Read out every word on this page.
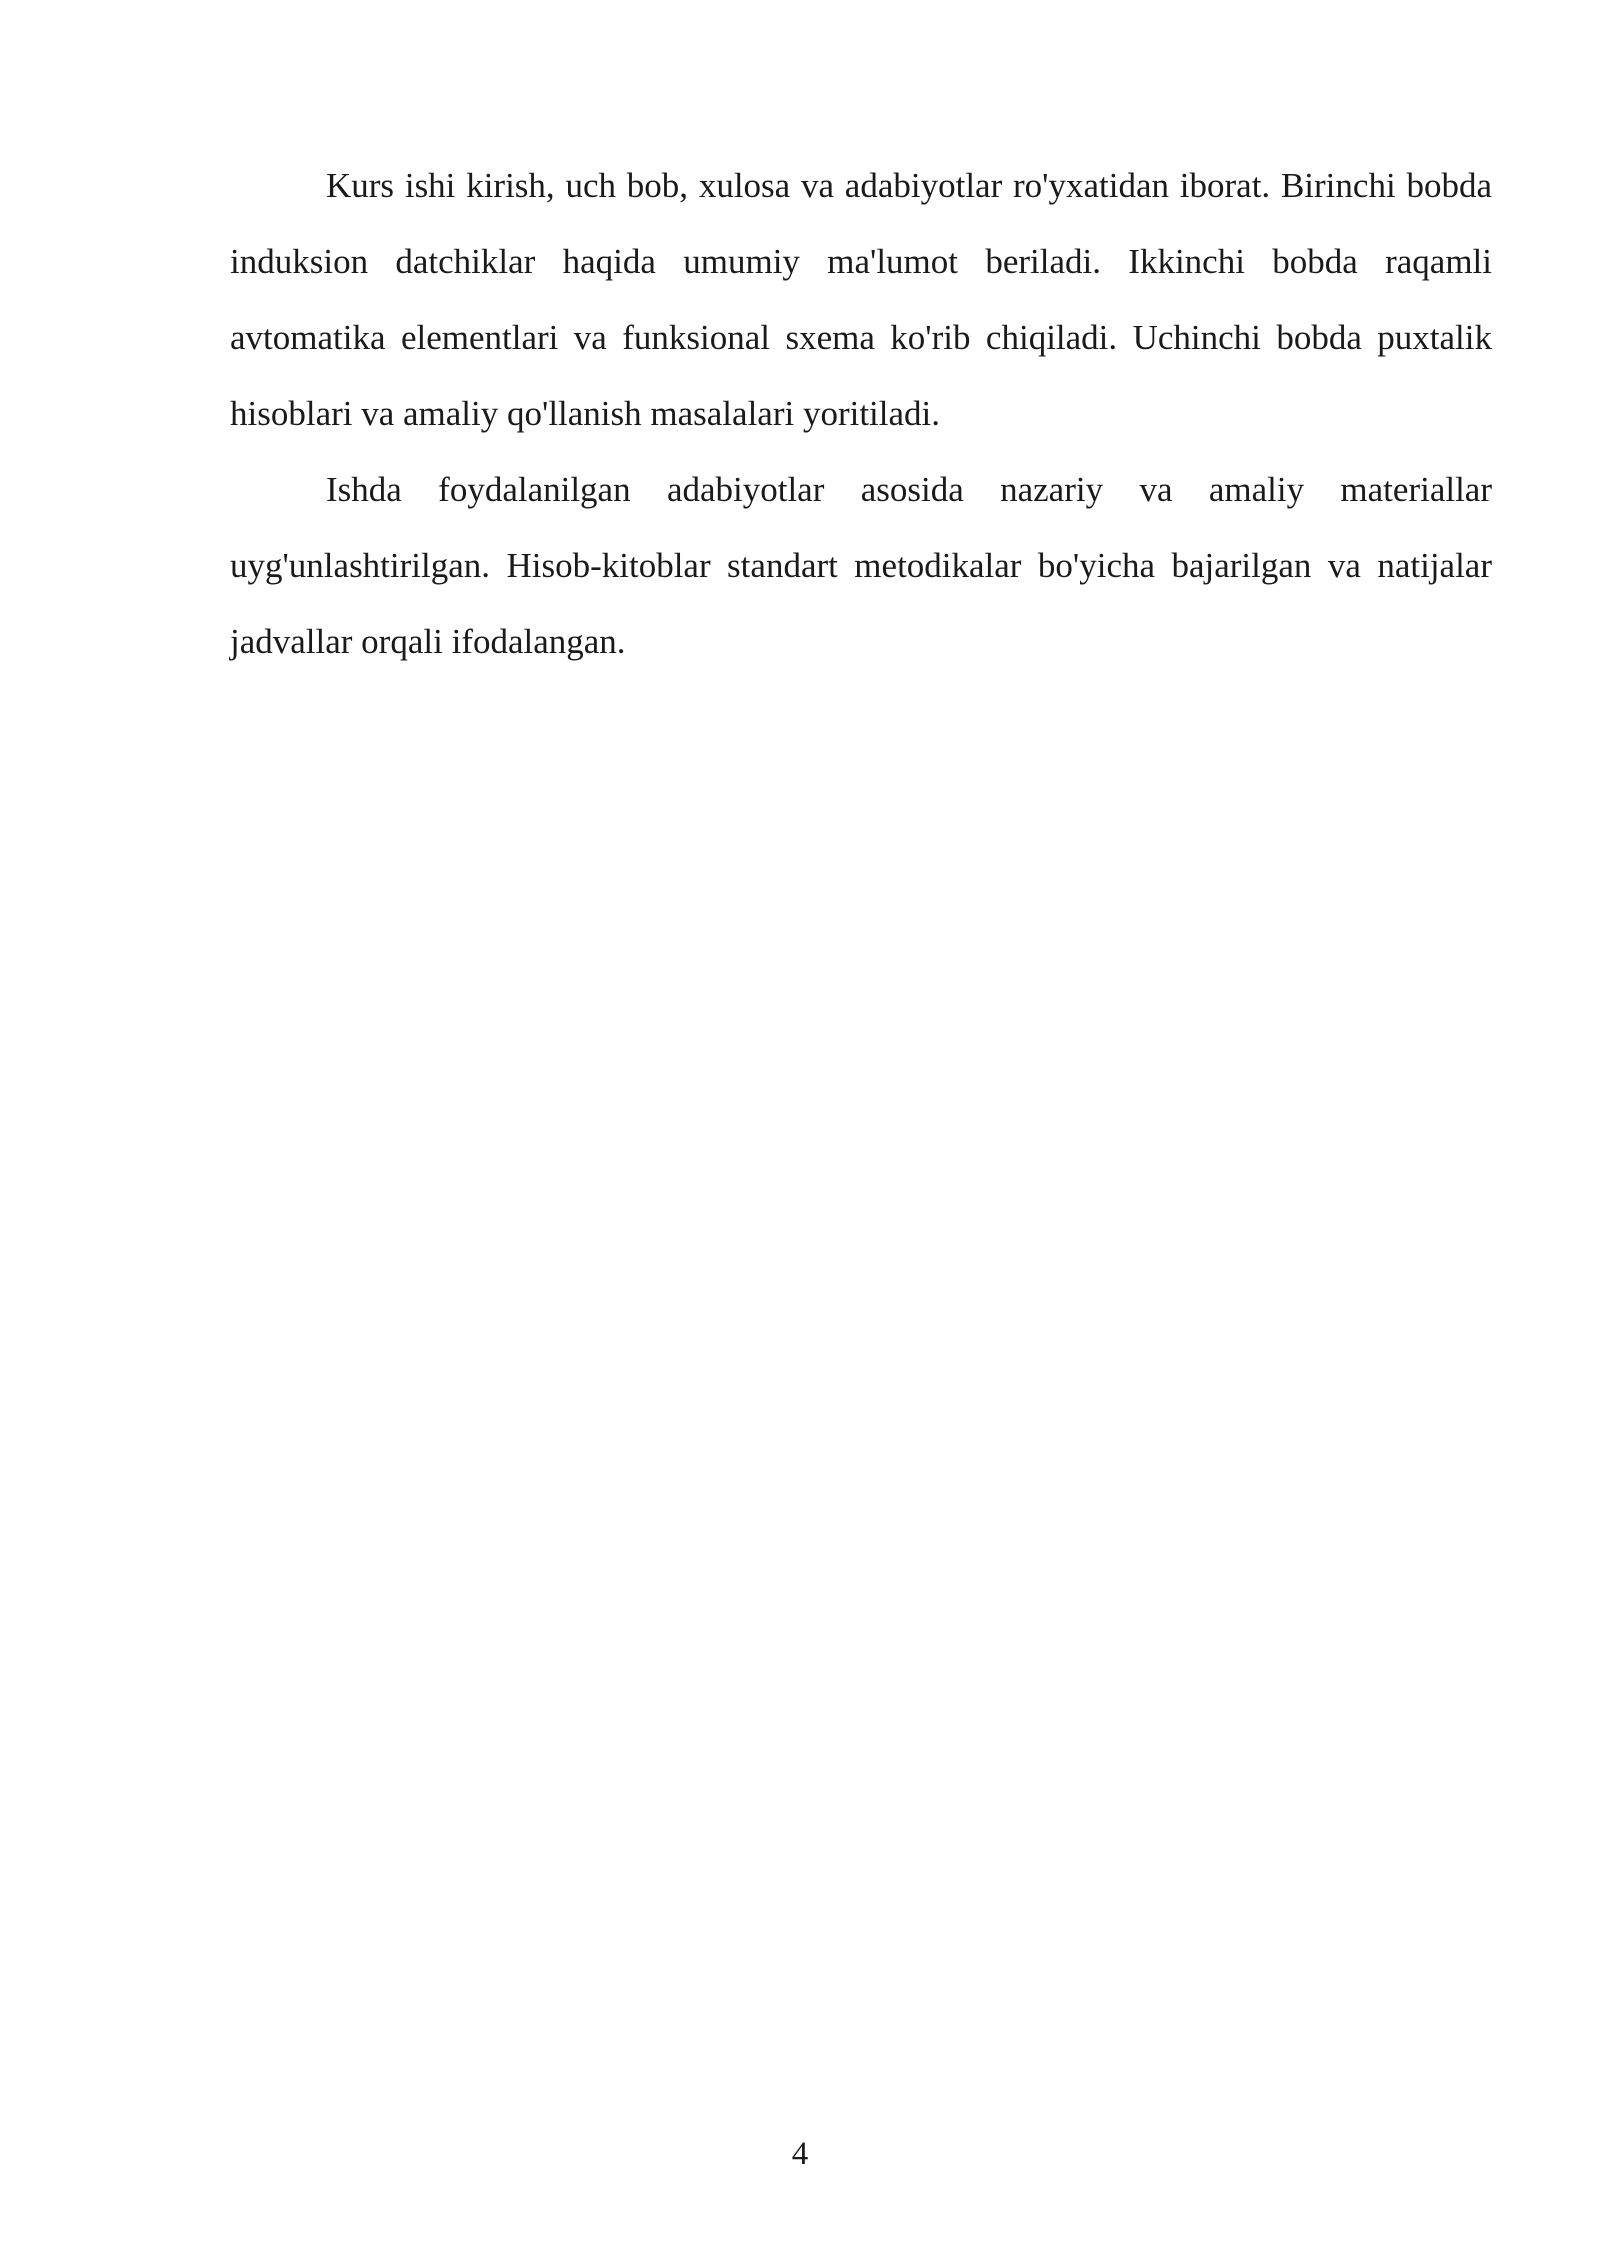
Kurs ishi kirish, uch bob, xulosa va adabiyotlar ro'yxatidan iborat. Birinchi bobda induksion datchiklar haqida umumiy ma'lumot beriladi. Ikkinchi bobda raqamli avtomatika elementlari va funksional sxema ko'rib chiqiladi. Uchinchi bobda puxtalik hisoblari va amaliy qo'llanish masalalari yoritiladi.

Ishda foydalanilgan adabiyotlar asosida nazariy va amaliy materiallar uyg'unlashtirilgan. Hisob-kitoblar standart metodikalar bo'yicha bajarilgan va natijalar jadvallar orqali ifodalangan.

4
